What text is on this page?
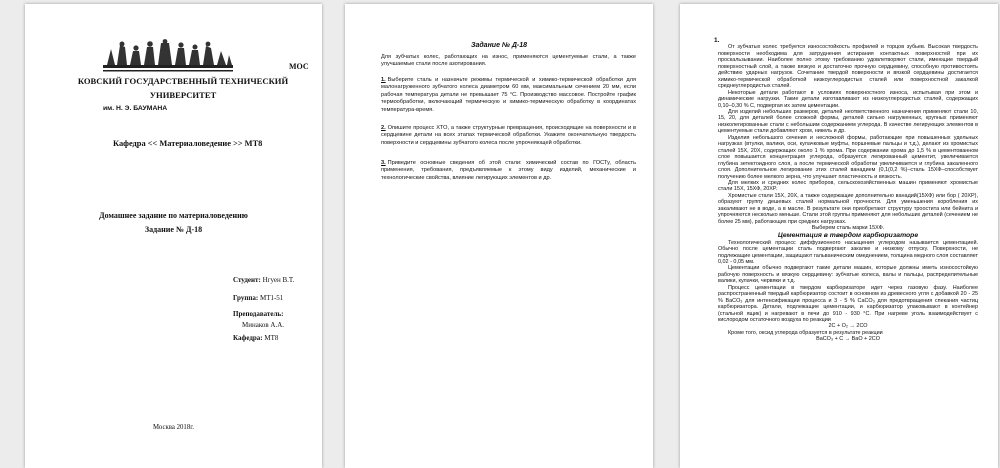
МОС
КОВСКИЙ ГОСУДАРСТВЕННЫЙ ТЕХНИЧЕСКИЙ
УНИВЕРСИТЕТ
им. Н. Э. БАУМАНА
Кафедра << Материаловедение >> МТ8
Домашнее задание по материаловедению
Задание № Д-18
Студент: Нгуен В.Т.
Группа: МТ1-51
Преподаватель:
Минаков А.А.
Кафедра: МТ8
Москва 2018г.
Задание № Д-18
Для зубчатых колес, работающих на износ, применяются цементуемые стали, а также улучшаемые стали после азотирования.
1. Выберите сталь и назначьте режимы термической и химико-термической обработки для малонагруженного зубчатого колеса диаметром 60 мм, максимальным сечением 20 мм, если рабочая температура детали не превышает 75 °С. Производство массовое. Постройте график термообработки, включающий термическую и химико-термическую обработку в координатах температура-время.
2. Опишите процесс ХТО, а также структурные превращения, происходящие на поверхности и в сердцевине детали на всех этапах термической обработки. Укажите окончательную твердость поверхности и сердцевины зубчатого колеса после упрочняющей обработки.
3. Приведите основные сведения об этой стали: химический состав по ГОСТу, область применения, требования, предъявляемые к этому виду изделий, механические и технологические свойства, влияние легирующих элементов и др.

1.

От зубчатых колес требуется износостойкость профилей и торцов зубьев. Высокая твердость поверхности необходима для затруднения истирания контактных поверхностей при их проскальзывании. Наиболее полно этому требованию удовлетворяют стали, имеющие твердый поверхностный слой, а также вязкую и достаточно прочную сердцевину, способную противостоять действию ударных нагрузок. Сочетание твердой поверхности и вязкой сердцевины достигается химико-термической обработкой низкоуглеродистых сталей или поверхностной закалкой среднеуглеродистых сталей.

Некоторые детали работают в условиях поверхностного износа, испытывая при этом и динамические нагрузки. Такие детали изготавливают из низкоуглеродистых сталей, содержащих 0,10–0,30 % С, подвергая их затем цементации.

Для изделий небольших размеров, деталей неответственного назначения применяют стали 10, 15, 20, для деталей более сложной формы, деталей сильно нагруженных, крупных применяют низколегированные стали с небольшим содержанием углерода. В качестве легирующих элементов в цементуемые стали добавляют хром, никель и др.

Изделия небольшого сечения и несложной формы, работающие при повышенных удельных нагрузках (втулки, валики, оси, кулачковые муфты, поршневые пальцы и т.д.), делают из хромистых сталей 15Х, 20Х, содержащих около 1 % хрома. При содержании хрома до 1,5 % в цементованном слое повышается концентрация углерода, образуется легированный цементит, увеличивается глубина зетектоидного слоя, а после термической обработки увеличивается и глубина закаленного слоя. Дополнительное легирование этих сталей ванадием (0,1(0,2 %)–сталь 15ХФ–способствует получению более мелкого зерна, что улучшает пластичность и вязкость.

Для мелких и средних колес приборов, сельскохозяйственных машин применяют хромистые стали 15Х, 15ХФ, 20ХР.

Хромистые стали 15Х, 20Х, а также содержащие дополнительно ванадий(15ХФ) или бор ( 20ХР), образуют группу дешевых сталей нормальной прочности. Для уменьшения коробления их закаливают не в воде, а в масле. В результате они приобретают структуру троостита или бейнита и упрочняются несколько меньше. Стали этой группы применяют для небольших деталей (сечением не более 25 мм), работающих при средних нагрузках.

Выберем сталь марки 15ХФ.

Цементация в твердом карбюризаторе

Технологический процесс диффузионного насыщения углеродом называется цементацией. Обычно после цементации сталь подвергают закалке и низкому отпуску. Поверхности, не подлежащие цементации, защищают гальваническим омеднением, толщина медного слоя составляет 0,02 - 0,05 мм.

Цементации обычно подвергают такие детали машин, которые должны иметь износостойкую рабочую поверхность и вязкую сердцевину: зубчатые колеса, валы и пальцы, распределительные валики, кулачки, червяки и т.д.

Процесс цементации в твердом карбюризаторе идет через газовую фазу. Наиболее распространенный твердый карбюризатор состоит в основном из древесного угля с добавкой 20 - 25 % BaCO₃ для интенсификации процесса и 3 - 5 % CaCO₃ для предотвращения спекания частиц карбюризатора. Детали, подлежащие цементации, и карбюризатор упаковывают в контейнер (стальной ящик) и нагревают в печи до 910 - 930 °С. При нагреве уголь взаимодействует с кислородом остаточного воздуха по реакции

2С + O₂ → 2СО

Кроме того, оксид углерода образуется в результате реакции

BaCO₃ + C → BaO + 2CO
